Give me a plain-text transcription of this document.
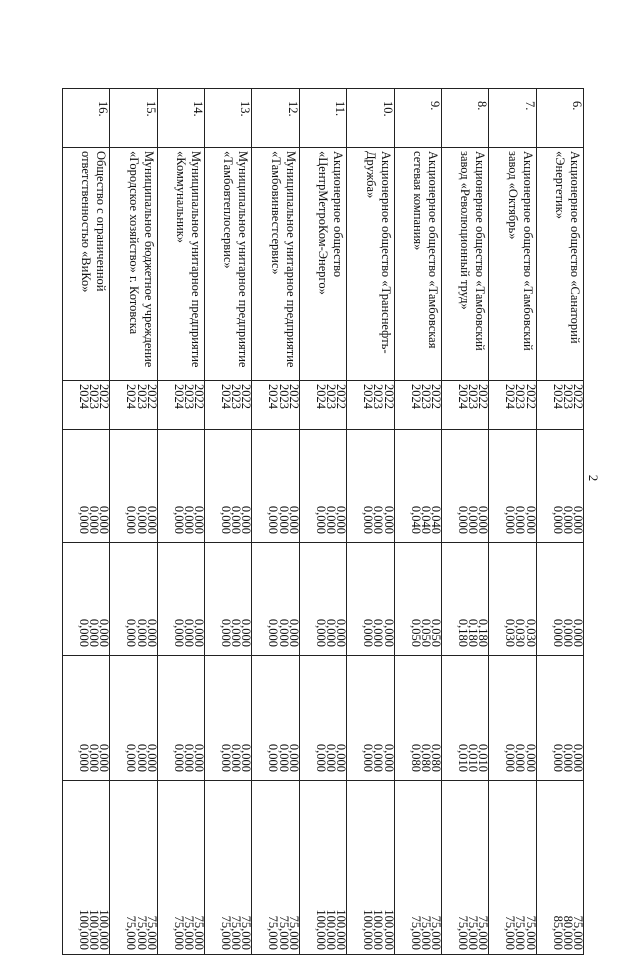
2
6.	Акционерное общество «Санаторий «Энергетик»	2022
2023
2024	0,000
0,000
0,000	0,000
0,000
0,000	0,000
0,000
0,000	75,000
80,000
85,000

7.	Акционерное общество «Тамбовский завод «Октябрь»	2022
2023
2024	0,000
0,000
0,000	0,030
0,030
0,030	0,000
0,000
0,000	75,000
75,000
75,000

8.	Акционерное общество «Тамбовский завод «Революционный труд»	2022
2023
2024	0,000
0,000
0,000	0,180
0,180
0,180	0,010
0,010
0,010	75,000
75,000
75,000

9.	Акционерное общество «Тамбовская сетевая компания»	2022
2023
2024	0,040
0,040
0,040	0,050
0,050
0,050	0,080
0,080
0,080	75,000
75,000
75,000

10.	Акционерное общество «Транснефть-Дружба»	2022
2023
2024	0,000
0,000
0,000	0,000
0,000
0,000	0,000
0,000
0,000	100,000
100,000
100,000

11.	Акционерное общество «ЦентрМетроКом-Энерго»	2022
2023
2024	0,000
0,000
0,000	0,000
0,000
0,000	0,000
0,000
0,000	100,000
100,000
100,000

12.	Муниципальное унитарное предприятие «Тамбовинвестсервис»	2022
2023
2024	0,000
0,000
0,000	0,000
0,000
0,000	0,000
0,000
0,000	75,000
75,000
75,000

13.	Муниципальное унитарное предприятие «Тамбовтеплосервис»	2022
2023
2024	0,000
0,000
0,000	0,000
0,000
0,000	0,000
0,000
0,000	75,000
75,000
75,000

14.	Муниципальное унитарное предприятие «Коммунальник»	2022
2023
2024	0,000
0,000
0,000	0,000
0,000
0,000	0,000
0,000
0,000	75,000
75,000
75,000

15.	Муниципальное бюджетное учреждение «Городское хозяйство» г. Котовска	2022
2023
2024	0,000
0,000
0,000	0,000
0,000
0,000	0,000
0,000
0,000	75,000
75,000
75,000

16.	Общество с ограниченной ответственностью «ВиКо»	2022
2023
2024	0,000
0,000
0,000	0,000
0,000
0,000	0,000
0,000
0,000	100,000
100,000
100,000
